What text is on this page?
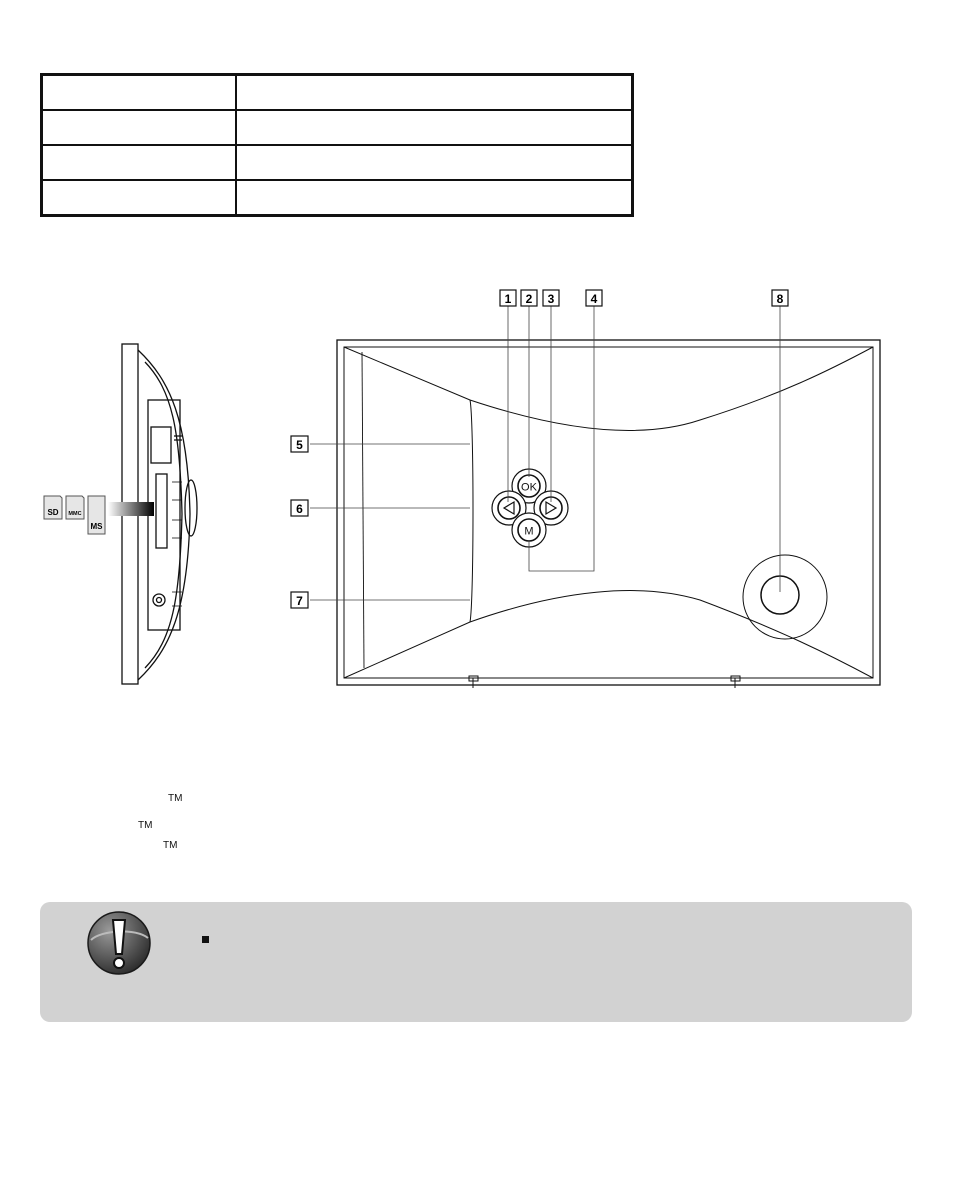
SD MMC
MS
OK
M
1 2 3	4	8
5
6
7
TM
TM
TM
